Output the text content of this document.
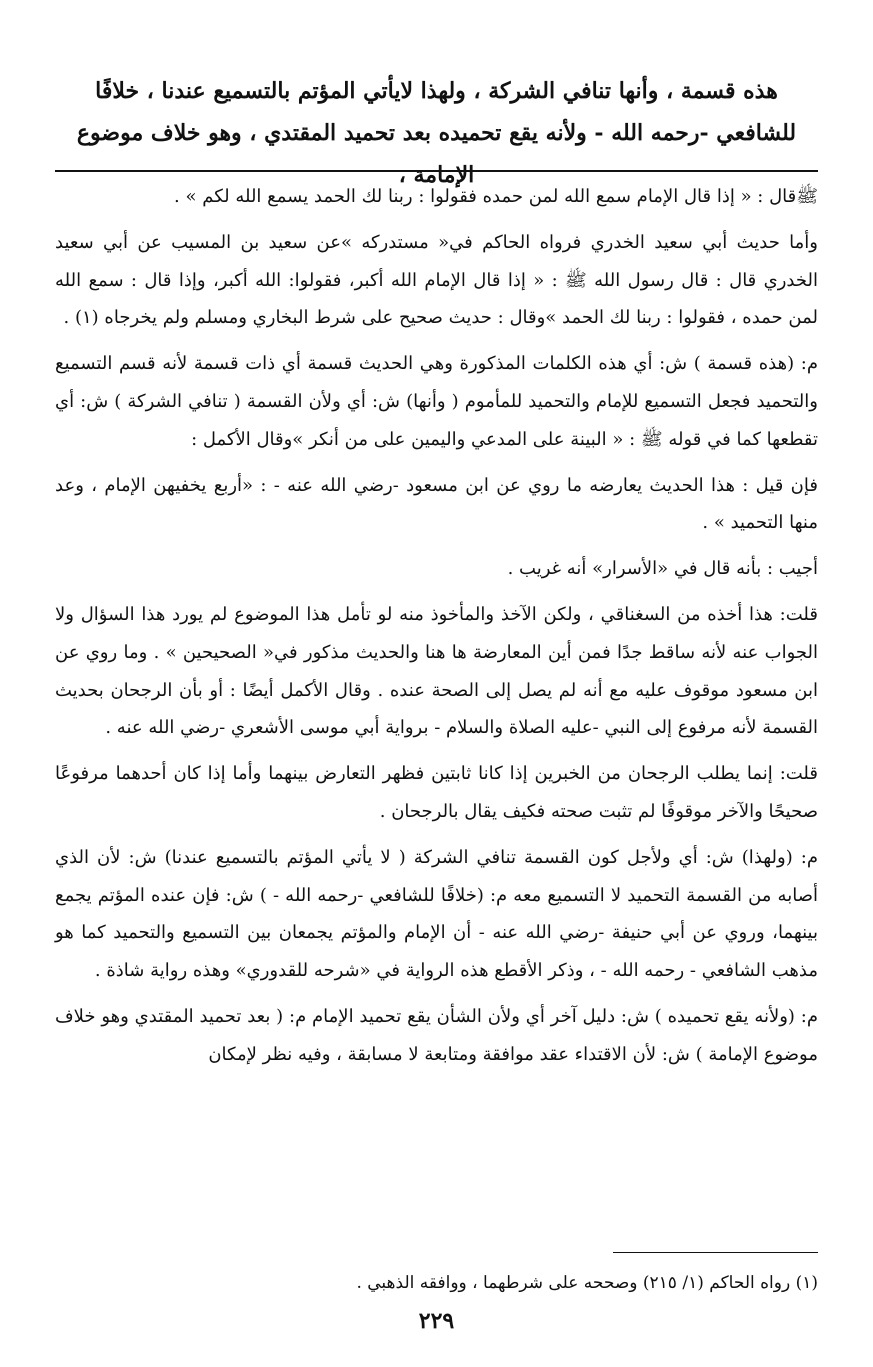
هذه قسمة ، وأنها تنافي الشركة ، ولهذا لايأتي المؤتم بالتسميع عندنا ، خلافًا للشافعي -رحمه الله - ولأنه يقع تحميده بعد تحميد المقتدي ، وهو خلاف موضوع الإمامة ،

ﷺقال : « إذا قال الإمام سمع الله لمن حمده فقولوا : ربنا لك الحمد يسمع الله لكم » .

وأما حديث أبي سعيد الخدري فرواه الحاكم في« مستدركه »عن سعيد بن المسيب عن أبي سعيد الخدري قال : قال رسول الله ﷺ : « إذا قال الإمام الله أكبر، فقولوا: الله أكبر، وإذا قال : سمع الله لمن حمده ، فقولوا : ربنا لك الحمد »وقال : حديث صحيح على شرط البخاري ومسلم ولم يخرجاه (١) .

م: (هذه قسمة ) ش: أي هذه الكلمات المذكورة وهي الحديث قسمة أي ذات قسمة لأنه قسم التسميع والتحميد فجعل التسميع للإمام والتحميد للمأموم ( وأنها) ش: أي ولأن القسمة ( تنافي الشركة ) ش: أي تقطعها كما في قوله ﷺ : « البينة على المدعي واليمين على من أنكر »وقال الأكمل :

فإن قيل : هذا الحديث يعارضه ما روي عن ابن مسعود -رضي الله عنه - : «أربع يخفيهن الإمام ، وعد منها التحميد » .

أجيب : بأنه قال في «الأسرار» أنه غريب .

قلت: هذا أخذه من السغناقي ، ولكن الآخذ والمأخوذ منه لو تأمل هذا الموضوع لم يورد هذا السؤال ولا الجواب عنه لأنه ساقط جدًا فمن أين المعارضة ها هنا والحديث مذكور في« الصحيحين » . وما روي عن ابن مسعود موقوف عليه مع أنه لم يصل إلى الصحة عنده . وقال الأكمل أيضًا : أو بأن الرجحان بحديث القسمة لأنه مرفوع إلى النبي -عليه الصلاة والسلام - برواية أبي موسى الأشعري -رضي الله عنه .

قلت: إنما يطلب الرجحان من الخبرين إذا كانا ثابتين فظهر التعارض بينهما وأما إذا كان أحدهما مرفوعًا صحيحًا والآخر موقوفًا لم تثبت صحته فكيف يقال بالرجحان .

م: (ولهذا) ش: أي ولأجل كون القسمة تنافي الشركة ( لا يأتي المؤتم بالتسميع عندنا) ش: لأن الذي أصابه من القسمة التحميد لا التسميع معه م: (خلافًا للشافعي -رحمه الله - ) ش: فإن عنده المؤتم يجمع بينهما، وروي عن أبي حنيفة -رضي الله عنه - أن الإمام والمؤتم يجمعان بين التسميع والتحميد كما هو مذهب الشافعي - رحمه الله - ، وذكر الأقطع هذه الرواية في «شرحه للقدوري» وهذه رواية شاذة .

م: (ولأنه يقع تحميده ) ش: دليل آخر أي ولأن الشأن يقع تحميد الإمام م: ( بعد تحميد المقتدي وهو خلاف موضوع الإمامة ) ش: لأن الاقتداء عقد موافقة ومتابعة لا مسابقة ، وفيه نظر لإمكان

(١) رواه الحاكم (١/ ٢١٥) وصححه على شرطهما ، ووافقه الذهبي .
٢٢٩
